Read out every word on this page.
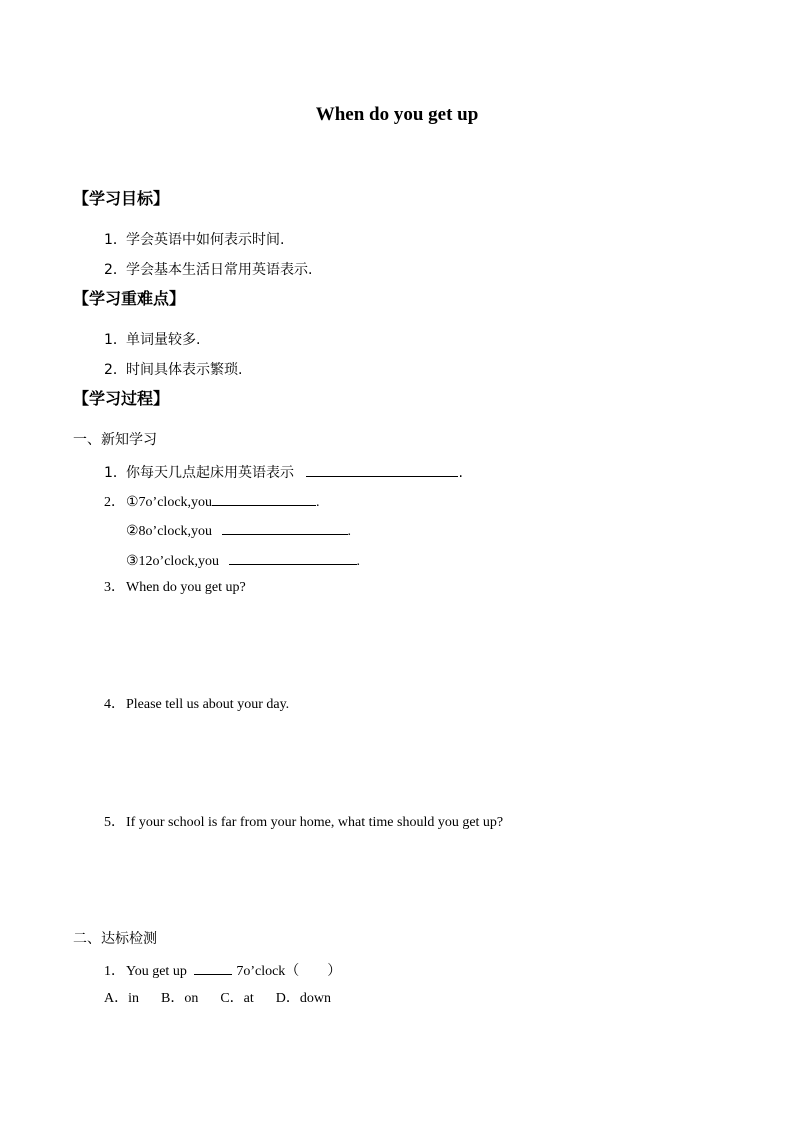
When do you get up
【学习目标】
1．学会英语中如何表示时间.
2．学会基本生活日常用英语表示.
【学习重难点】
1．单词量较多.
2．时间具体表示繁琐.
【学习过程】
一、新知学习
1．你每天几点起床用英语表示	.
2．①7o’clock,you	.
②8o’clock,you	.
③12o’clock,you	.
3．When do you get up?
4．Please tell us about your day.
5．If your school is far from your home, what time should you get up?
二、达标检测
1．You get up	7o’clock（　　）
A．in B．on C．at D．down
